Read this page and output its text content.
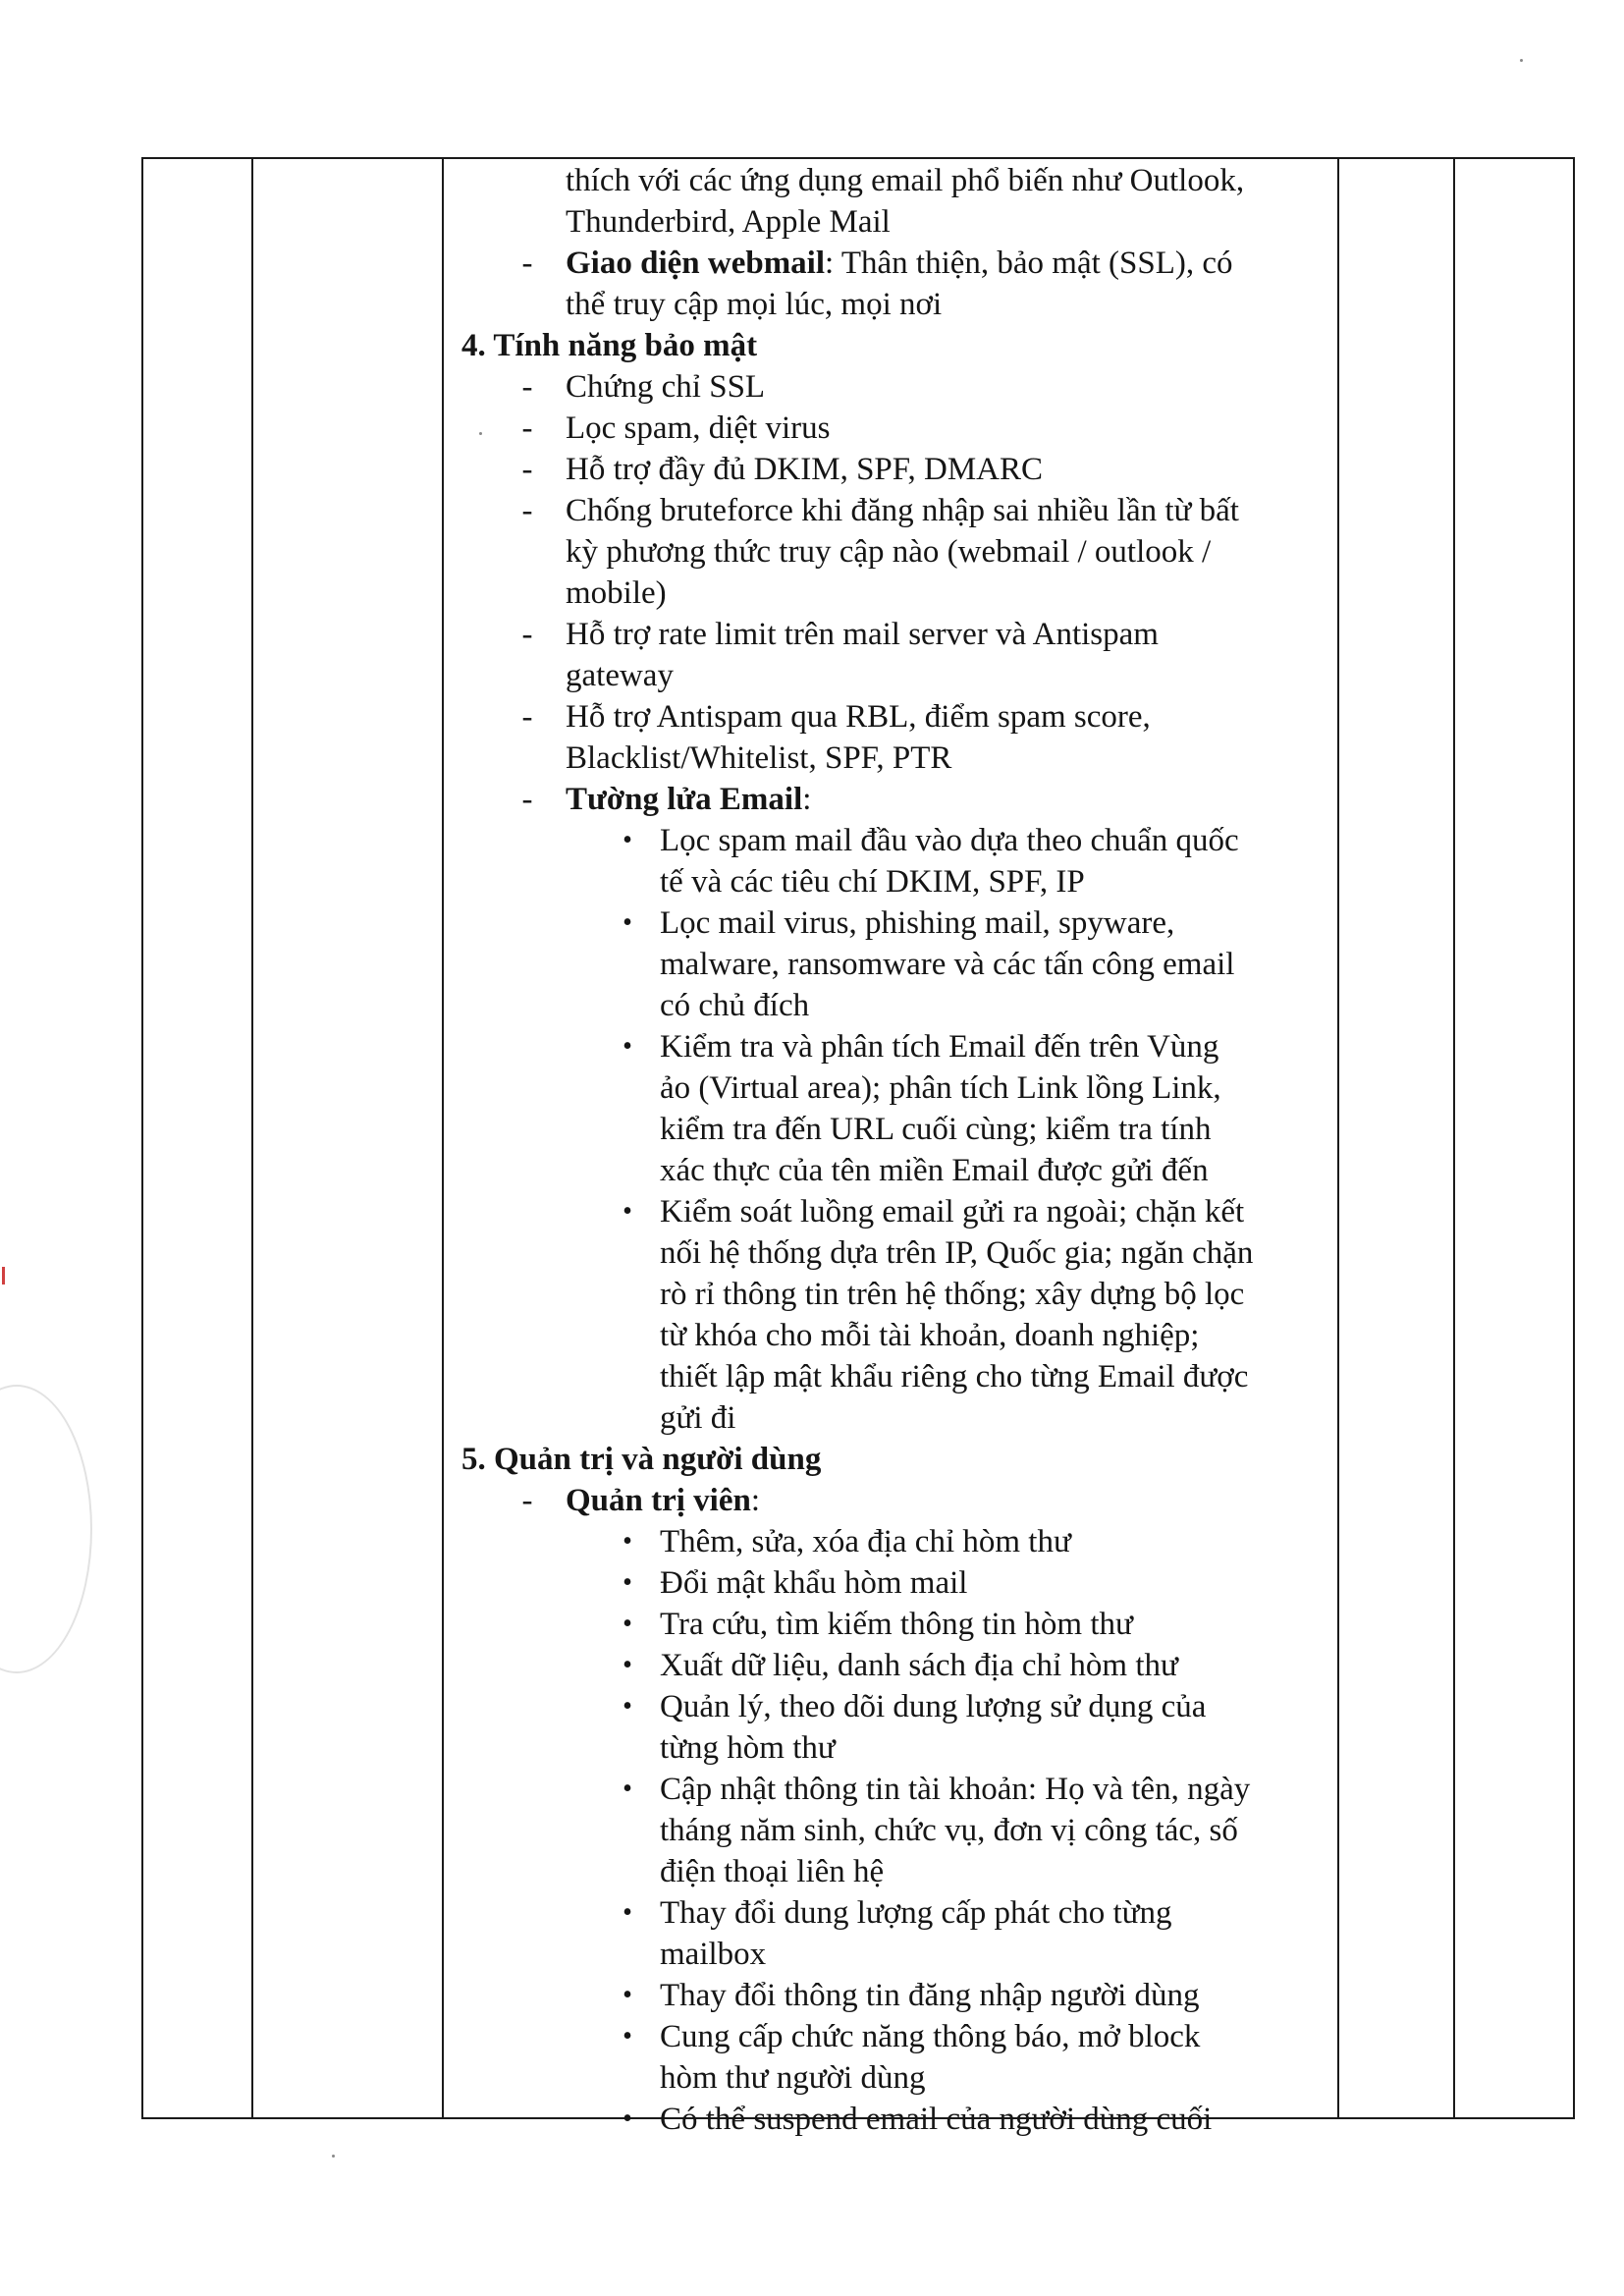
thích với các ứng dụng email phổ biến như Outlook,
Thunderbird, Apple Mail
- Giao diện webmail: Thân thiện, bảo mật (SSL), có
thể truy cập mọi lúc, mọi nơi
4. Tính năng bảo mật
- Chứng chỉ SSL
- Lọc spam, diệt virus
- Hỗ trợ đầy đủ DKIM, SPF, DMARC
- Chống bruteforce khi đăng nhập sai nhiều lần từ bất
kỳ phương thức truy cập nào (webmail / outlook /
mobile)
- Hỗ trợ rate limit trên mail server và Antispam
gateway
- Hỗ trợ Antispam qua RBL, điểm spam score,
Blacklist/Whitelist, SPF, PTR
- Tường lửa Email:
• Lọc spam mail đầu vào dựa theo chuẩn quốc
tế và các tiêu chí DKIM, SPF, IP
• Lọc mail virus, phishing mail, spyware,
malware, ransomware và các tấn công email
có chủ đích
• Kiểm tra và phân tích Email đến trên Vùng
ảo (Virtual area); phân tích Link lồng Link,
kiểm tra đến URL cuối cùng; kiểm tra tính
xác thực của tên miền Email được gửi đến
• Kiểm soát luồng email gửi ra ngoài; chặn kết
nối hệ thống dựa trên IP, Quốc gia; ngăn chặn
rò rỉ thông tin trên hệ thống; xây dựng bộ lọc
từ khóa cho mỗi tài khoản, doanh nghiệp;
thiết lập mật khẩu riêng cho từng Email được
gửi đi
5. Quản trị và người dùng
- Quản trị viên:
• Thêm, sửa, xóa địa chỉ hòm thư
• Đổi mật khẩu hòm mail
• Tra cứu, tìm kiếm thông tin hòm thư
• Xuất dữ liệu, danh sách địa chỉ hòm thư
• Quản lý, theo dõi dung lượng sử dụng của
từng hòm thư
• Cập nhật thông tin tài khoản: Họ và tên, ngày
tháng năm sinh, chức vụ, đơn vị công tác, số
điện thoại liên hệ
• Thay đổi dung lượng cấp phát cho từng
mailbox
• Thay đổi thông tin đăng nhập người dùng
• Cung cấp chức năng thông báo, mở block
hòm thư người dùng
• Có thể suspend email của người dùng cuối
